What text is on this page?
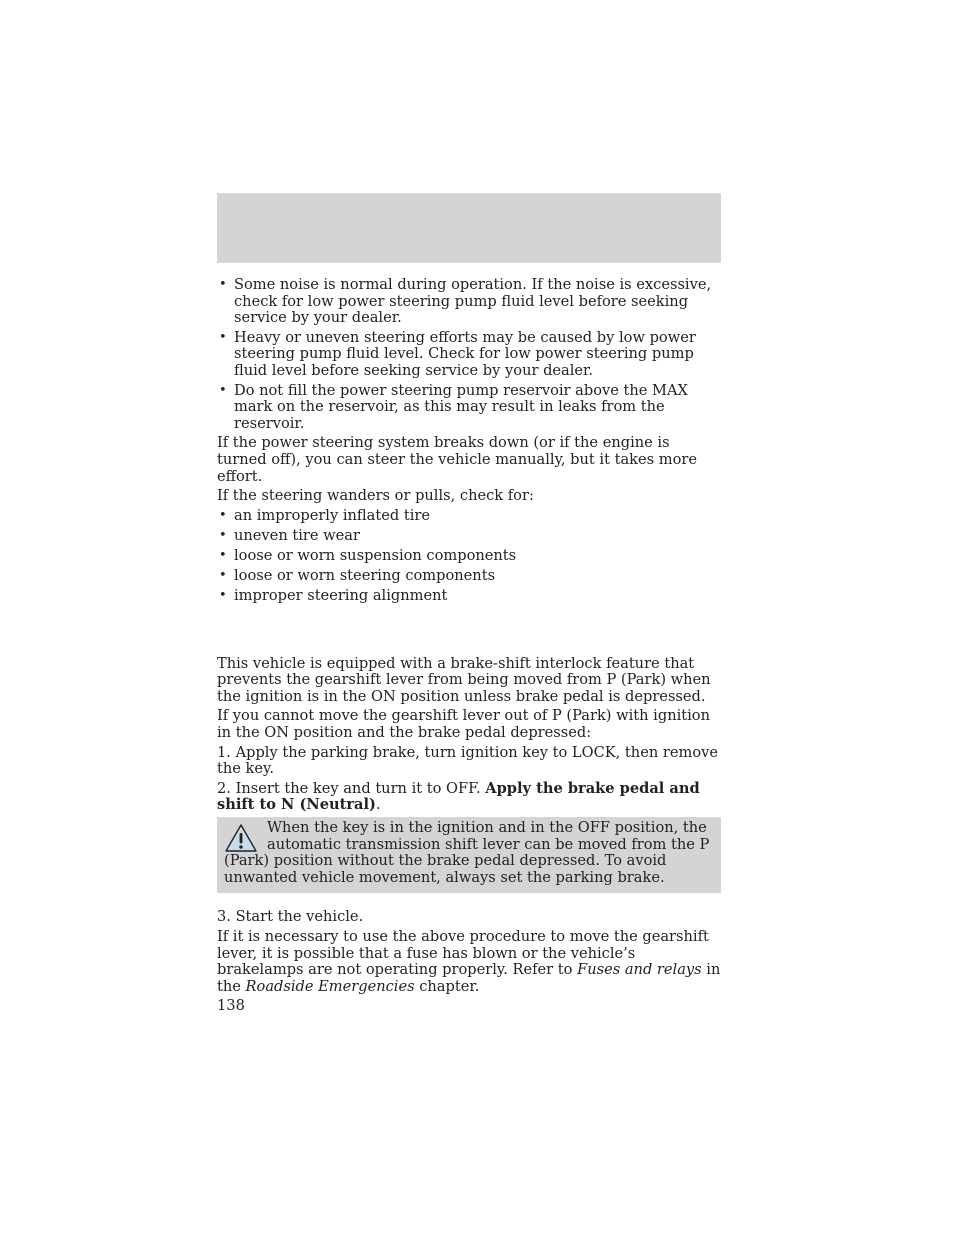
• Some noise is normal during operation. If the noise is excessive, check for low power steering pump fluid level before seeking service by your dealer.
• Heavy or uneven steering efforts may be caused by low power steering pump fluid level. Check for low power steering pump fluid level before seeking service by your dealer.
• Do not fill the power steering pump reservoir above the MAX mark on the reservoir, as this may result in leaks from the reservoir.

If the power steering system breaks down (or if the engine is turned off), you can steer the vehicle manually, but it takes more effort.

If the steering wanders or pulls, check for:

• an improperly inflated tire
• uneven tire wear
• loose or worn suspension components
• loose or worn steering components
• improper steering alignment

This vehicle is equipped with a brake-shift interlock feature that prevents the gearshift lever from being moved from P (Park) when the ignition is in the ON position unless brake pedal is depressed.

If you cannot move the gearshift lever out of P (Park) with ignition in the ON position and the brake pedal depressed:

1. Apply the parking brake, turn ignition key to LOCK, then remove the key.

2. Insert the key and turn it to OFF. Apply the brake pedal and shift to N (Neutral).

When the key is in the ignition and in the OFF position, the automatic transmission shift lever can be moved from the P (Park) position without the brake pedal depressed. To avoid unwanted vehicle movement, always set the parking brake.

3. Start the vehicle.

If it is necessary to use the above procedure to move the gearshift lever, it is possible that a fuse has blown or the vehicle’s brakelamps are not operating properly. Refer to Fuses and relays in the Roadside Emergencies chapter.

138
